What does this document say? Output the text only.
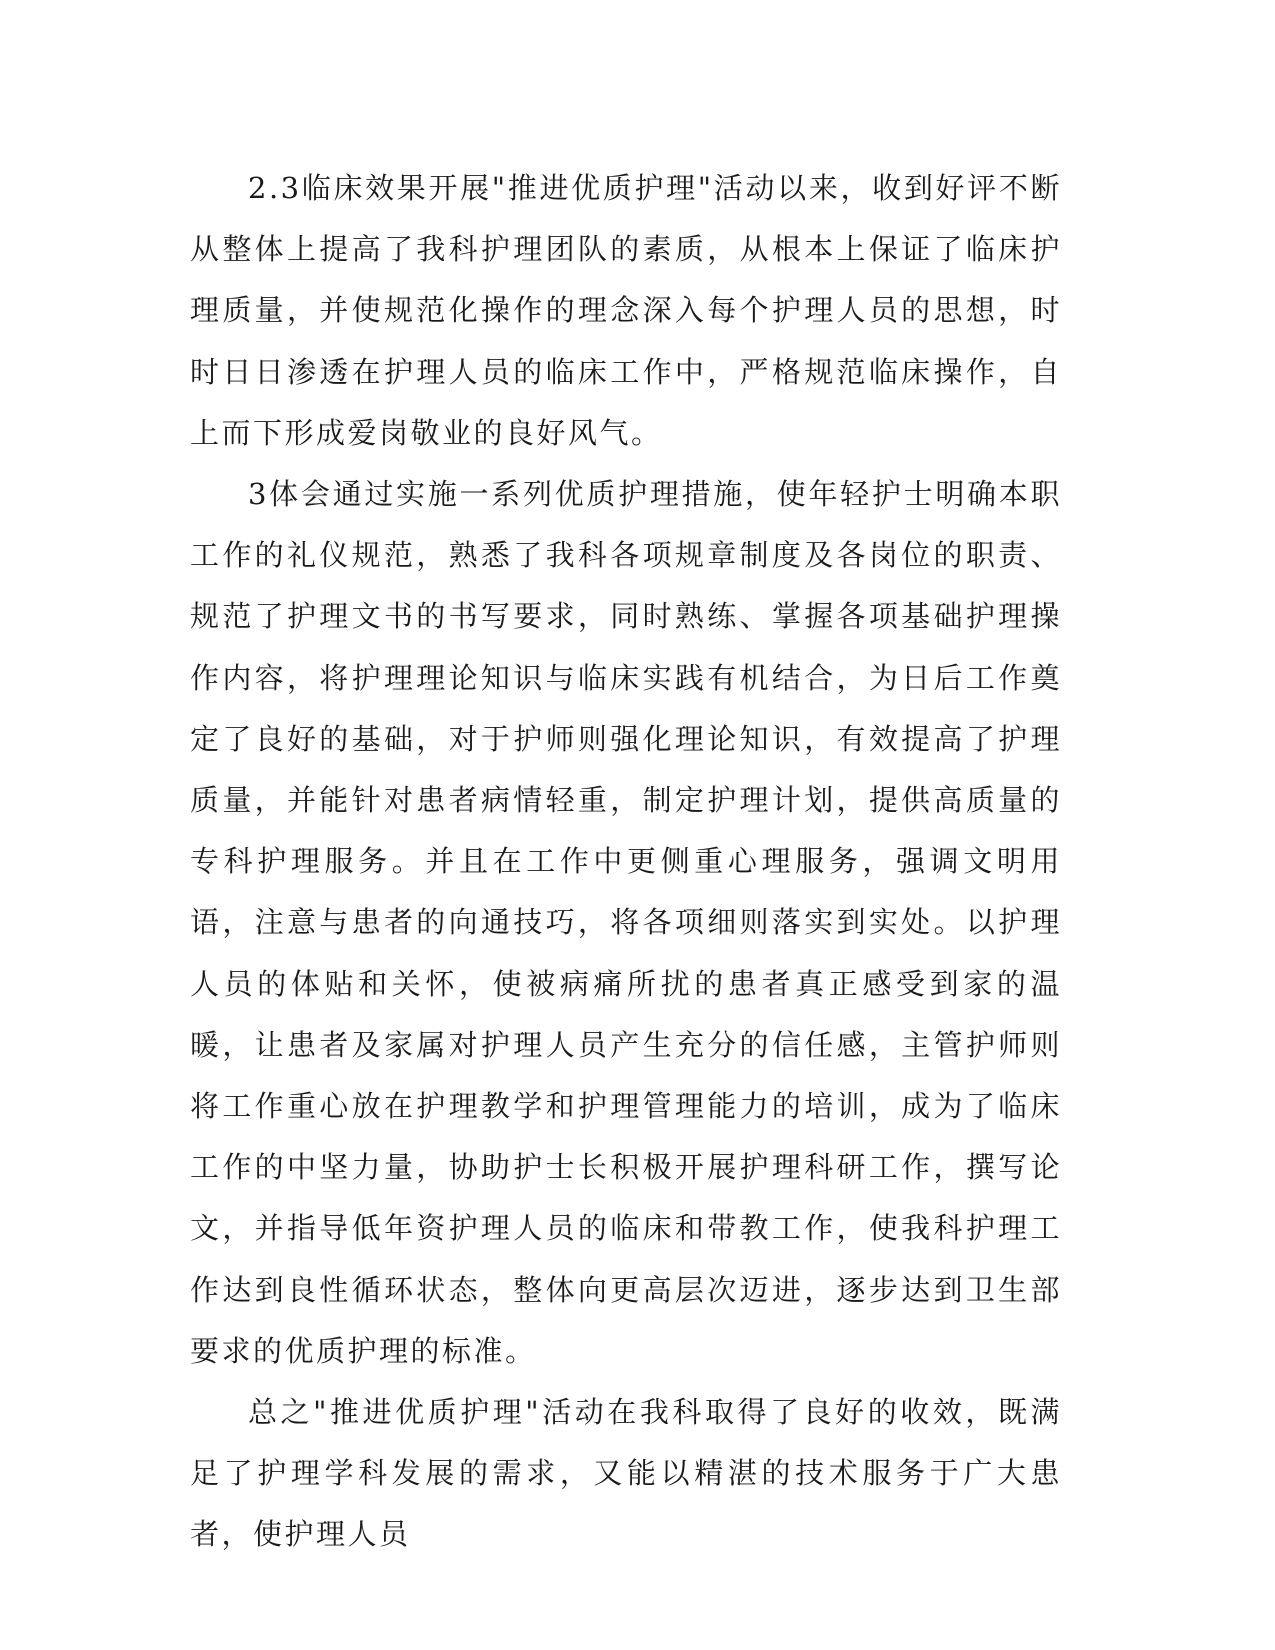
2.3临床效果开展"推进优质护理"活动以来，收到好评不断从整体上提高了我科护理团队的素质，从根本上保证了临床护理质量，并使规范化操作的理念深入每个护理人员的思想，时时日日渗透在护理人员的临床工作中，严格规范临床操作，自上而下形成爱岗敬业的良好风气。

3体会通过实施一系列优质护理措施，使年轻护士明确本职工作的礼仪规范，熟悉了我科各项规章制度及各岗位的职责、规范了护理文书的书写要求，同时熟练、掌握各项基础护理操作内容，将护理理论知识与临床实践有机结合，为日后工作奠定了良好的基础，对于护师则强化理论知识，有效提高了护理质量，并能针对患者病情轻重，制定护理计划，提供高质量的专科护理服务。并且在工作中更侧重心理服务，强调文明用语，注意与患者的向通技巧，将各项细则落实到实处。以护理人员的体贴和关怀，使被病痛所扰的患者真正感受到家的温暖，让患者及家属对护理人员产生充分的信任感，主管护师则将工作重心放在护理教学和护理管理能力的培训，成为了临床工作的中坚力量，协助护士长积极开展护理科研工作，撰写论文，并指导低年资护理人员的临床和带教工作，使我科护理工作达到良性循环状态，整体向更高层次迈进，逐步达到卫生部要求的优质护理的标准。

总之"推进优质护理"活动在我科取得了良好的收效，既满足了护理学科发展的需求，又能以精湛的技术服务于广大患者，使护理人员
